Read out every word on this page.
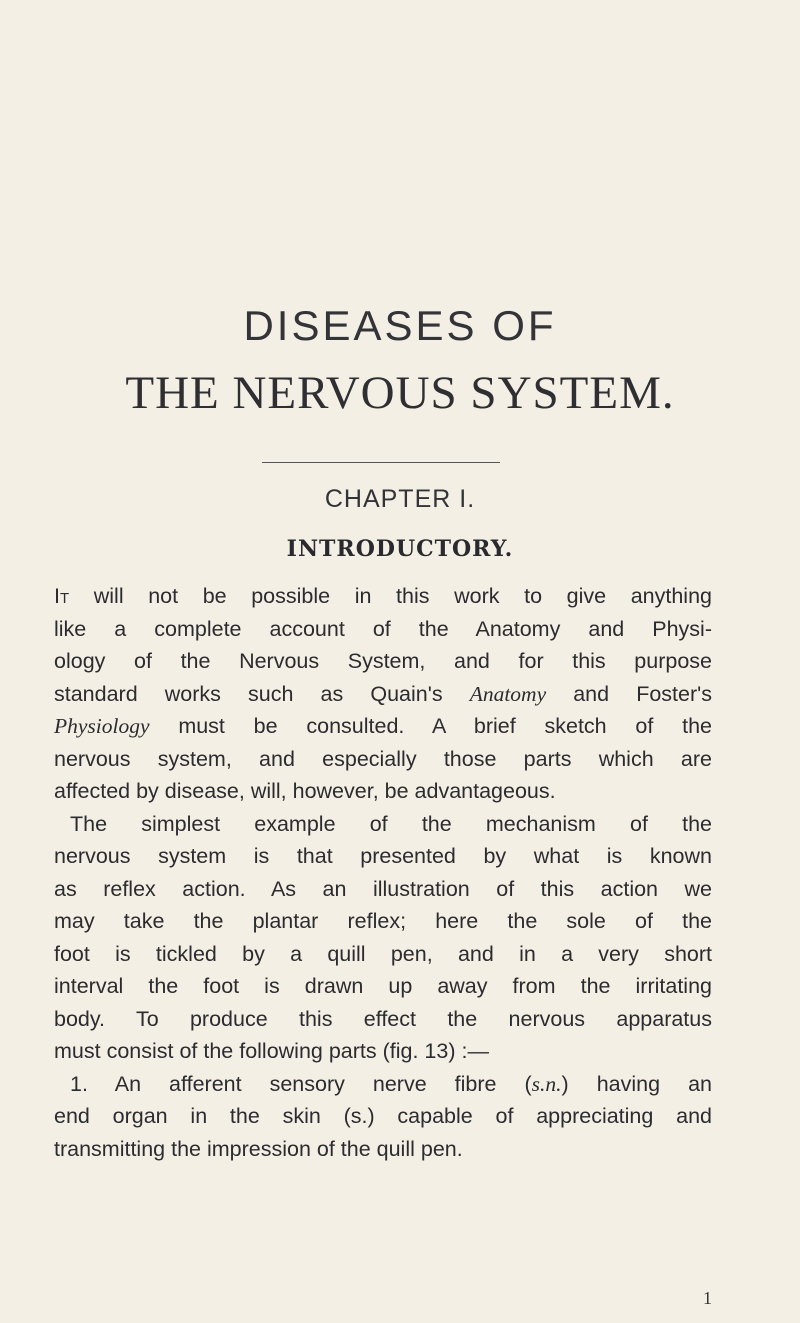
DISEASES OF
THE NERVOUS SYSTEM.
CHAPTER I.
INTRODUCTORY.
It will not be possible in this work to give anything
like a complete account of the Anatomy and Physi-
ology of the Nervous System, and for this purpose
standard works such as Quain's Anatomy and Foster's
Physiology must be consulted. A brief sketch of the
nervous system, and especially those parts which are
affected by disease, will, however, be advantageous.
The simplest example of the mechanism of the
nervous system is that presented by what is known
as reflex action. As an illustration of this action we
may take the plantar reflex; here the sole of the
foot is tickled by a quill pen, and in a very short
interval the foot is drawn up away from the irritating
body. To produce this effect the nervous apparatus
must consist of the following parts (fig. 13) :—
1. An afferent sensory nerve fibre (s.n.) having an
end organ in the skin (s.) capable of appreciating and
transmitting the impression of the quill pen.
1
